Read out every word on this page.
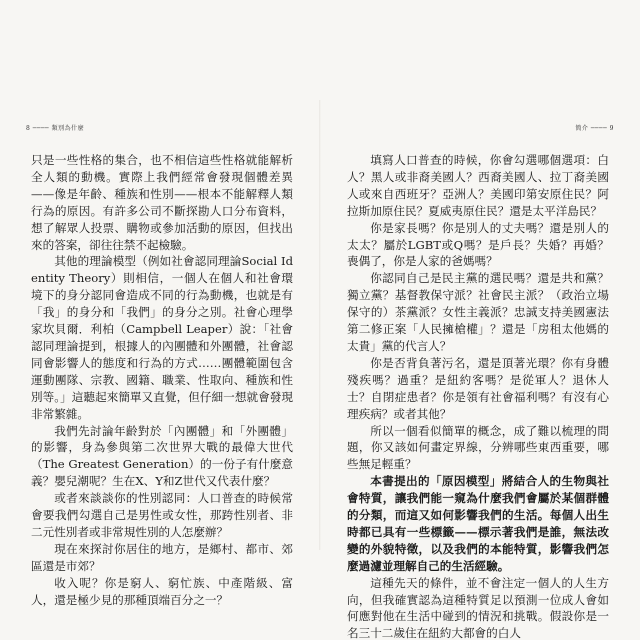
8 ──── 類別為什麼	簡介 ──── 9

只是一些性格的集合，也不相信這些性格就能解析全人類的動機。實際上我們經常會發現個體差異——像是年齡、種族和性別——根本不能解釋人類行為的原因。有許多公司不斷探勘人口分布資料，想了解眾人投票、購物或參加活動的原因，但找出來的答案，卻往往禁不起檢驗。

其他的理論模型（例如社會認同理論Social Identity Theory）則相信，一個人在個人和社會環境下的身分認同會造成不同的行為動機，也就是有「我」的身分和「我們」的身分之別。社會心理學家坎貝爾．利柏（Campbell Leaper）說：「社會認同理論提到，根據人的內團體和外團體，社會認同會影響人的態度和行為的方式……團體範圍包含運動團隊、宗教、國籍、職業、性取向、種族和性別等。」這聽起來簡單又直覺，但仔細一想就會發現非常繁雜。

我們先討論年齡對於「內團體」和「外團體」的影響，身為參與第二次世界大戰的最偉大世代（The Greatest Generation）的一份子有什麼意義？嬰兒潮呢？生在X、Y和Z世代又代表什麼？

或者來談談你的性別認同：人口普查的時候常會要我們勾選自己是男性或女性，那跨性別者、非二元性別者或非常規性別的人怎麼辦？

現在來探討你居住的地方，是鄉村、都市、郊區還是市郊？

收入呢？你是窮人、窮忙族、中產階級、富人，還是極少見的那種頂端百分之一？

填寫人口普查的時候，你會勾選哪個選項：白人？黑人或非裔美國人？西裔美國人、拉丁裔美國人或來自西班牙？亞洲人？美國印第安原住民？阿拉斯加原住民？夏威夷原住民？還是太平洋島民？

你是家長嗎？你是別人的丈夫嗎？還是別人的太太？屬於LGBT或Q嗎？是戶長？失婚？再婚？喪偶了，你是人家的爸媽嗎？

你認同自己是民主黨的選民嗎？還是共和黨？獨立黨？基督教保守派？社會民主派？（政治立場保守的）茶黨派？女性主義派？忠誠支持美國憲法第二修正案「人民擁槍權」？還是「房租太他媽的太貴」黨的代言人？

你是否背負著污名，還是頂著光環？你有身體殘疾嗎？過重？是紐約客嗎？是從軍人？退休人士？自閉症患者？你是領有社會福利嗎？有沒有心理疾病？或者其他？

所以一個看似簡單的概念，成了難以梳理的問題，你又該如何畫定界線，分辨哪些東西重要，哪些無足輕重？

本書提出的「原因模型」將結合人的生物與社會特質，讓我們能一窺為什麼我們會屬於某個群體的分類，而這又如何影響我們的生活。每個人出生時都已具有一些標籤——標示著我們是誰，無法改變的外貌特徵，以及我們的本能特質，影響我們怎麼過濾並理解自己的生活經驗。

這種先天的條件，並不會注定一個人的人生方向，但我確實認為這種特質足以預測一位成人會如何應對他在生活中碰到的情況和挑戰。假設你是一名三十二歲住在紐約大都會的白人
